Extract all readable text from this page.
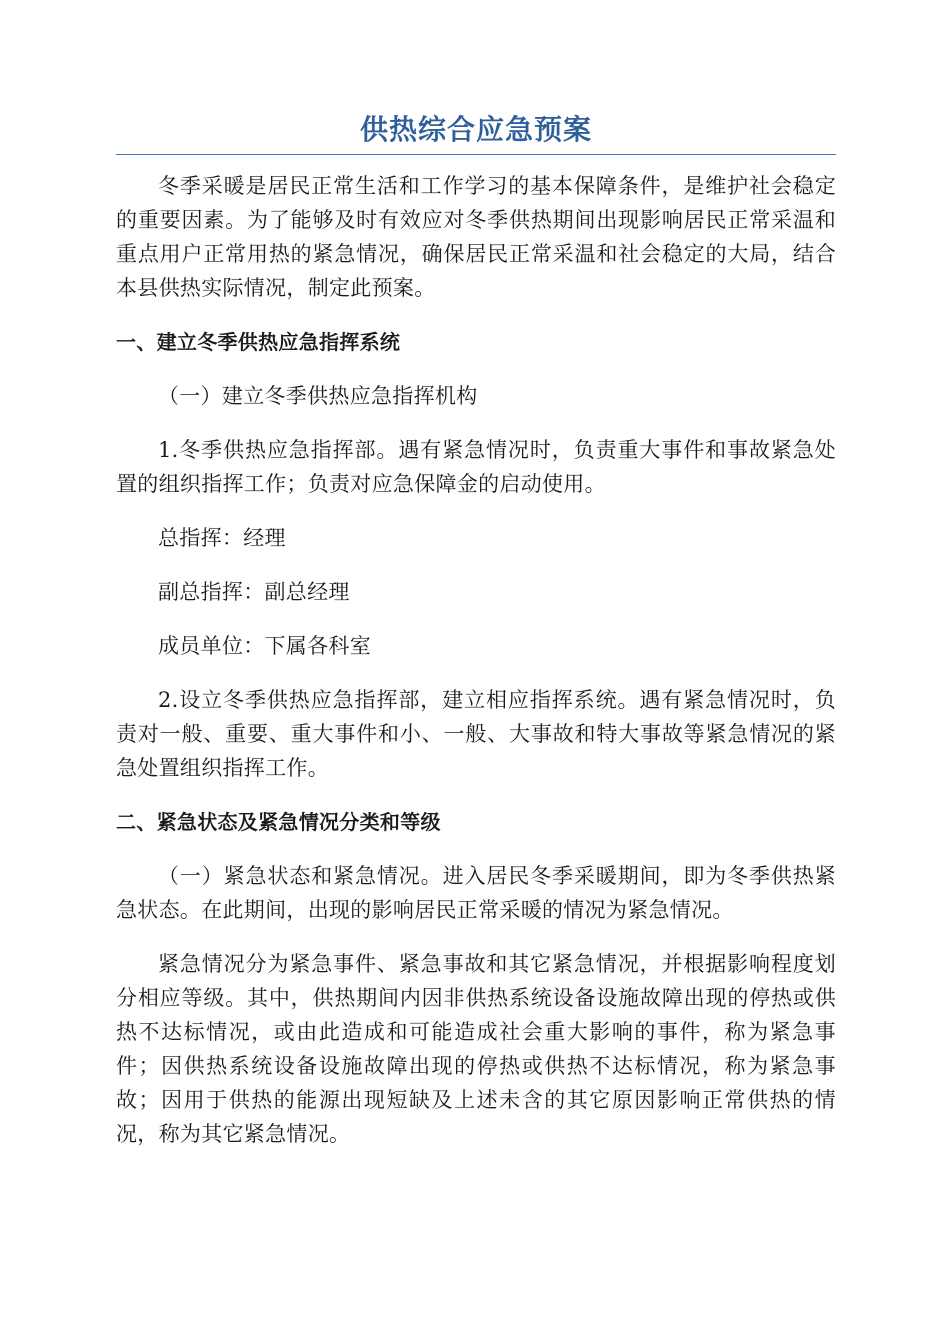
供热综合应急预案

冬季采暖是居民正常生活和工作学习的基本保障条件，是维护社会稳定的重要因素。为了能够及时有效应对冬季供热期间出现影响居民正常采温和重点用户正常用热的紧急情况，确保居民正常采温和社会稳定的大局，结合本县供热实际情况，制定此预案。

一、建立冬季供热应急指挥系统

（一）建立冬季供热应急指挥机构

1.冬季供热应急指挥部。遇有紧急情况时，负责重大事件和事故紧急处置的组织指挥工作；负责对应急保障金的启动使用。

总指挥：经理

副总指挥：副总经理

成员单位：下属各科室

2.设立冬季供热应急指挥部，建立相应指挥系统。遇有紧急情况时，负责对一般、重要、重大事件和小、一般、大事故和特大事故等紧急情况的紧急处置组织指挥工作。

二、紧急状态及紧急情况分类和等级

（一）紧急状态和紧急情况。进入居民冬季采暖期间，即为冬季供热紧急状态。在此期间，出现的影响居民正常采暖的情况为紧急情况。

紧急情况分为紧急事件、紧急事故和其它紧急情况，并根据影响程度划分相应等级。其中，供热期间内因非供热系统设备设施故障出现的停热或供热不达标情况，或由此造成和可能造成社会重大影响的事件，称为紧急事件；因供热系统设备设施故障出现的停热或供热不达标情况，称为紧急事故；因用于供热的能源出现短缺及上述未含的其它原因影响正常供热的情况，称为其它紧急情况。
